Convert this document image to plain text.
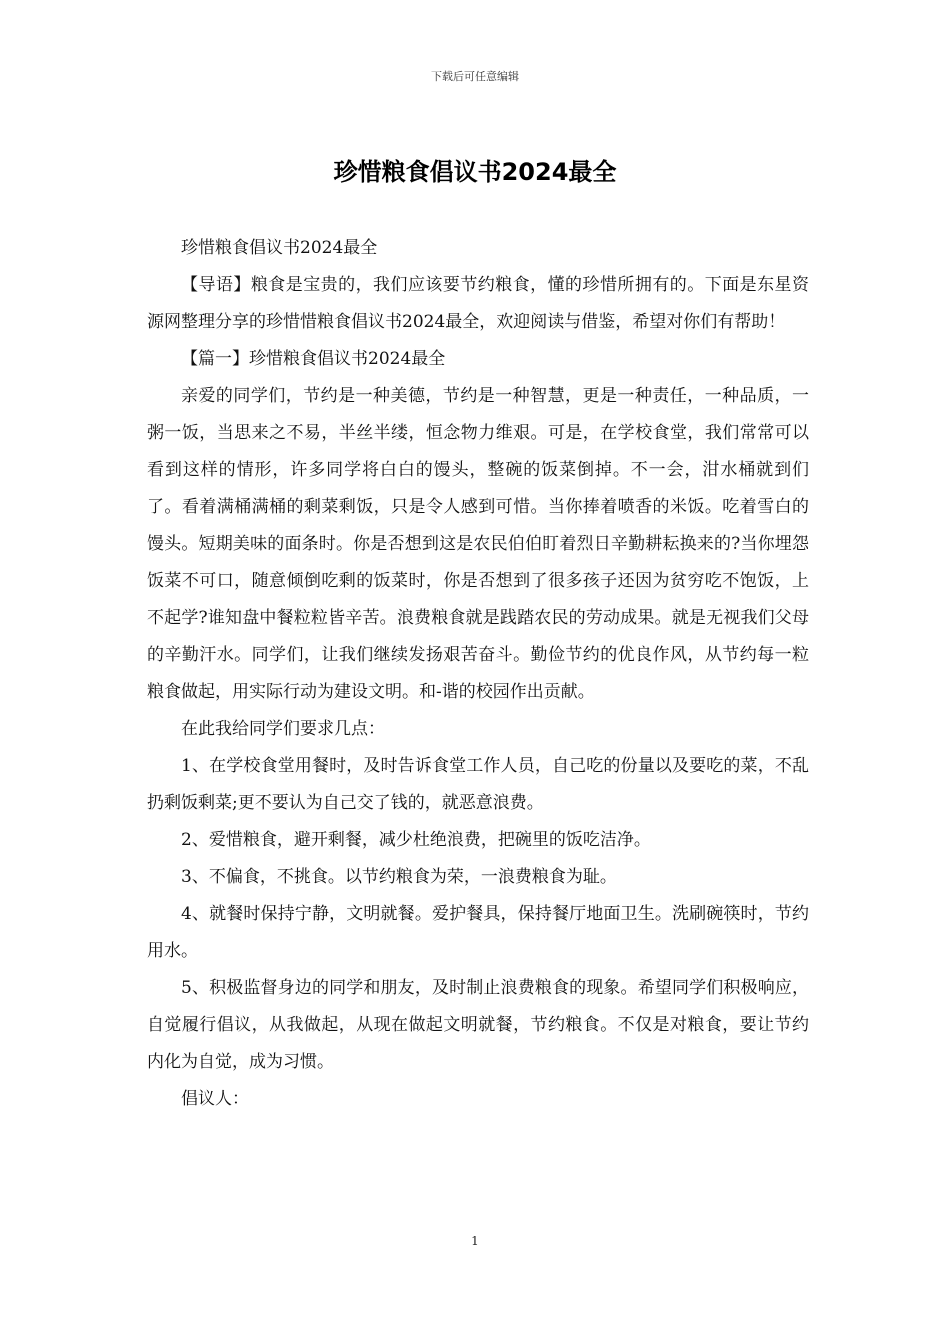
下载后可任意编辑
珍惜粮食倡议书2024最全

珍惜粮食倡议书2024最全

【导语】粮食是宝贵的，我们应该要节约粮食，懂的珍惜所拥有的。下面是东星资源网整理分享的珍惜惜粮食倡议书2024最全，欢迎阅读与借鉴，希望对你们有帮助！

【篇一】珍惜粮食倡议书2024最全

亲爱的同学们，节约是一种美德，节约是一种智慧，更是一种责任，一种品质，一粥一饭，当思来之不易，半丝半缕，恒念物力维艰。可是，在学校食堂，我们常常可以看到这样的情形，许多同学将白白的馒头，整碗的饭菜倒掉。不一会，泔水桶就到们了。看着满桶满桶的剩菜剩饭，只是令人感到可惜。当你捧着喷香的米饭。吃着雪白的馒头。短期美味的面条时。你是否想到这是农民伯伯盯着烈日辛勤耕耘换来的?当你埋怨饭菜不可口，随意倾倒吃剩的饭菜时，你是否想到了很多孩子还因为贫穷吃不饱饭，上不起学?谁知盘中餐粒粒皆辛苦。浪费粮食就是践踏农民的劳动成果。就是无视我们父母的辛勤汗水。同学们，让我们继续发扬艰苦奋斗。勤俭节约的优良作风，从节约每一粒粮食做起，用实际行动为建设文明。和-谐的校园作出贡献。

在此我给同学们要求几点：

1、在学校食堂用餐时，及时告诉食堂工作人员，自己吃的份量以及要吃的菜，不乱扔剩饭剩菜;更不要认为自己交了钱的，就恶意浪费。

2、爱惜粮食，避开剩餐，减少杜绝浪费，把碗里的饭吃洁净。

3、不偏食，不挑食。以节约粮食为荣，一浪费粮食为耻。

4、就餐时保持宁静，文明就餐。爱护餐具，保持餐厅地面卫生。洗刷碗筷时，节约用水。

5、积极监督身边的同学和朋友，及时制止浪费粮食的现象。希望同学们积极响应，自觉履行倡议，从我做起，从现在做起文明就餐，节约粮食。不仅是对粮食，要让节约内化为自觉，成为习惯。

倡议人：

1
